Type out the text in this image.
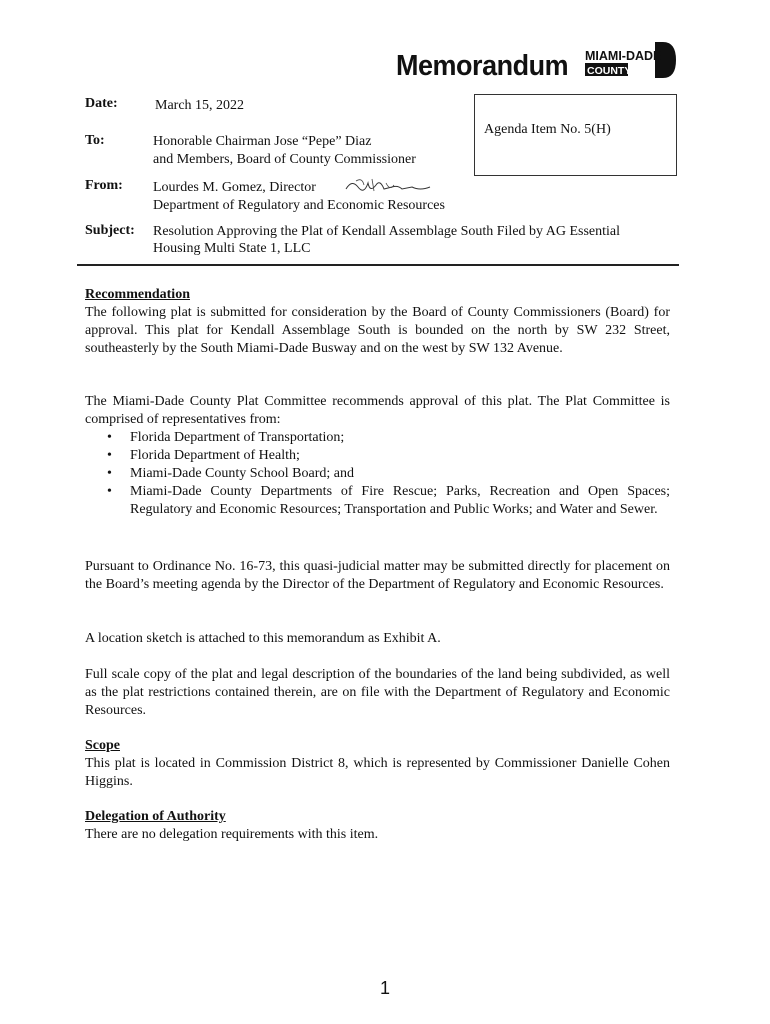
Memorandum MIAMI-DADE
COUNTY
Date:	March 15, 2022
Agenda Item No. 5(H)
To:	Honorable Chairman Jose “Pepe” Diaz
and Members, Board of County Commissioner
From: Lourdes M. Gomez, Director
Department of Regulatory and Economic Resources
Subject: Resolution Approving the Plat of Kendall Assemblage South Filed by AG Essential
Housing Multi State 1, LLC
Recommendation
The following plat is submitted for consideration by the Board of County Commissioners (Board) for approval. This plat for Kendall Assemblage South is bounded on the north by SW 232 Street, southeasterly by the South Miami-Dade Busway and on the west by SW 132 Avenue.
The Miami-Dade County Plat Committee recommends approval of this plat. The Plat Committee is comprised of representatives from:
• Florida Department of Transportation;
• Florida Department of Health;
• Miami-Dade County School Board; and
• Miami-Dade County Departments of Fire Rescue; Parks, Recreation and Open Spaces; Regulatory and Economic Resources; Transportation and Public Works; and Water and Sewer.
Pursuant to Ordinance No. 16-73, this quasi-judicial matter may be submitted directly for placement on the Board’s meeting agenda by the Director of the Department of Regulatory and Economic Resources.
A location sketch is attached to this memorandum as Exhibit A.
Full scale copy of the plat and legal description of the boundaries of the land being subdivided, as well as the plat restrictions contained therein, are on file with the Department of Regulatory and Economic Resources.
Scope
This plat is located in Commission District 8, which is represented by Commissioner Danielle Cohen Higgins.
Delegation of Authority
There are no delegation requirements with this item.
1
